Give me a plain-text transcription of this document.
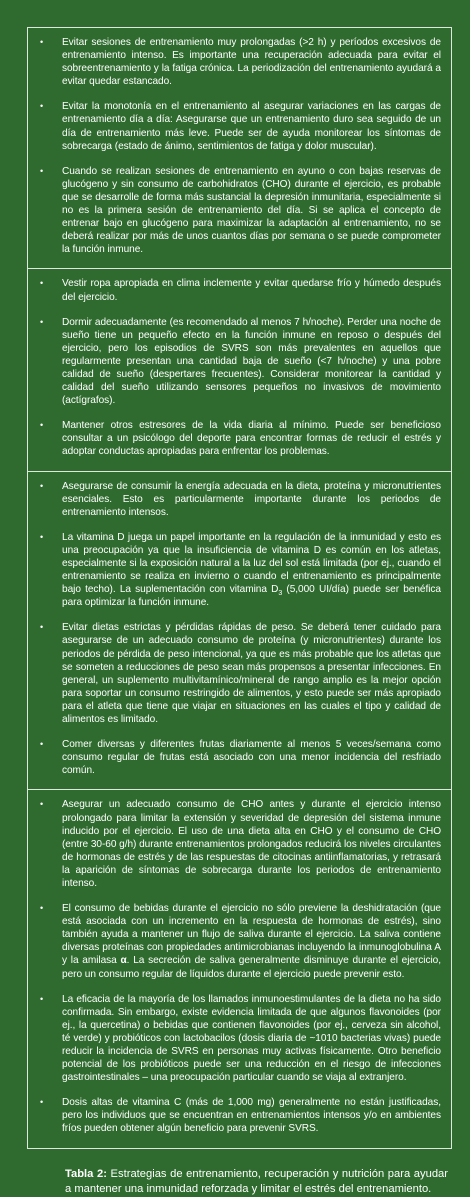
• Evitar sesiones de entrenamiento muy prolongadas (>2 h) y períodos excesivos de entrenamiento intenso. Es importante una recuperación adecuada para evitar el sobreentrenamiento y la fatiga crónica. La periodización del entrenamiento ayudará a evitar quedar estancado.
• Evitar la monotonía en el entrenamiento al asegurar variaciones en las cargas de entrenamiento día a día: Asegurarse que un entrenamiento duro sea seguido de un día de entrenamiento más leve. Puede ser de ayuda monitorear los síntomas de sobrecarga (estado de ánimo, sentimientos de fatiga y dolor muscular).
• Cuando se realizan sesiones de entrenamiento en ayuno o con bajas reservas de glucógeno y sin consumo de carbohidratos (CHO) durante el ejercicio, es probable que se desarrolle de forma más sustancial la depresión inmunitaria, especialmente si no es la primera sesión de entrenamiento del día. Si se aplica el concepto de entrenar bajo en glucógeno para maximizar la adaptación al entrenamiento, no se deberá realizar por más de unos cuantos días por semana o se puede comprometer la función inmune.
• Vestir ropa apropiada en clima inclemente y evitar quedarse frío y húmedo después del ejercicio.
• Dormir adecuadamente (es recomendado al menos 7 h/noche). Perder una noche de sueño tiene un pequeño efecto en la función inmune en reposo o después del ejercicio, pero los episodios de SVRS son más prevalentes en aquellos que regularmente presentan una cantidad baja de sueño (<7 h/noche) y una pobre calidad de sueño (despertares frecuentes). Considerar monitorear la cantidad y calidad del sueño utilizando sensores pequeños no invasivos de movimiento (actígrafos).
• Mantener otros estresores de la vida diaria al mínimo. Puede ser beneficioso consultar a un psicólogo del deporte para encontrar formas de reducir el estrés y adoptar conductas apropiadas para enfrentar los problemas.
• Asegurarse de consumir la energía adecuada en la dieta, proteína y micronutrientes esenciales. Esto es particularmente importante durante los periodos de entrenamiento intensos.
• La vitamina D juega un papel importante en la regulación de la inmunidad y esto es una preocupación ya que la insuficiencia de vitamina D es común en los atletas, especialmente si la exposición natural a la luz del sol está limitada (por ej., cuando el entrenamiento se realiza en invierno o cuando el entrenamiento es principalmente bajo techo). La suplementación con vitamina $D_3$ (5,000 UI/día) puede ser benéfica para optimizar la función inmune.
• Evitar dietas estrictas y pérdidas rápidas de peso. Se deberá tener cuidado para asegurarse de un adecuado consumo de proteína (y micronutrientes) durante los periodos de pérdida de peso intencional, ya que es más probable que los atletas que se someten a reducciones de peso sean más propensos a presentar infecciones. En general, un suplemento multivitamínico/mineral de rango amplio es la mejor opción para soportar un consumo restringido de alimentos, y esto puede ser más apropiado para el atleta que tiene que viajar en situaciones en las cuales el tipo y calidad de alimentos es limitado.
• Comer diversas y diferentes frutas diariamente al menos 5 veces/semana como consumo regular de frutas está asociado con una menor incidencia del resfriado común.
• Asegurar un adecuado consumo de CHO antes y durante el ejercicio intenso prolongado para limitar la extensión y severidad de depresión del sistema inmune inducido por el ejercicio. El uso de una dieta alta en CHO y el consumo de CHO (entre 30-60 g/h) durante entrenamientos prolongados reducirá los niveles circulantes de hormonas de estrés y de las respuestas de citocinas antiinflamatorias, y retrasará la aparición de síntomas de sobrecarga durante los periodos de entrenamiento intenso.
• El consumo de bebidas durante el ejercicio no sólo previene la deshidratación (que está asociada con un incremento en la respuesta de hormonas de estrés), sino también ayuda a mantener un flujo de saliva durante el ejercicio. La saliva contiene diversas proteínas con propiedades antimicrobianas incluyendo la inmunoglobulina A y la amilasa α. La secreción de saliva generalmente disminuye durante el ejercicio, pero un consumo regular de líquidos durante el ejercicio puede prevenir esto.
• La eficacia de la mayoría de los llamados inmunoestimulantes de la dieta no ha sido confirmada. Sin embargo, existe evidencia limitada de que algunos flavonoides (por ej., la quercetina) o bebidas que contienen flavonoides (por ej., cerveza sin alcohol, té verde) y probióticos con lactobacilos (dosis diaria de ~1010 bacterias vivas) puede reducir la incidencia de SVRS en personas muy activas físicamente. Otro beneficio potencial de los probióticos puede ser una reducción en el riesgo de infecciones gastrointestinales – una preocupación particular cuando se viaja al extranjero.
• Dosis altas de vitamina C (más de 1,000 mg) generalmente no están justificadas, pero los individuos que se encuentran en entrenamientos intensos y/o en ambientes fríos pueden obtener algún beneficio para prevenir SVRS.

Tabla 2: Estrategias de entrenamiento, recuperación y nutrición para ayudar a mantener una inmunidad reforzada y limitar el estrés del entrenamiento.
